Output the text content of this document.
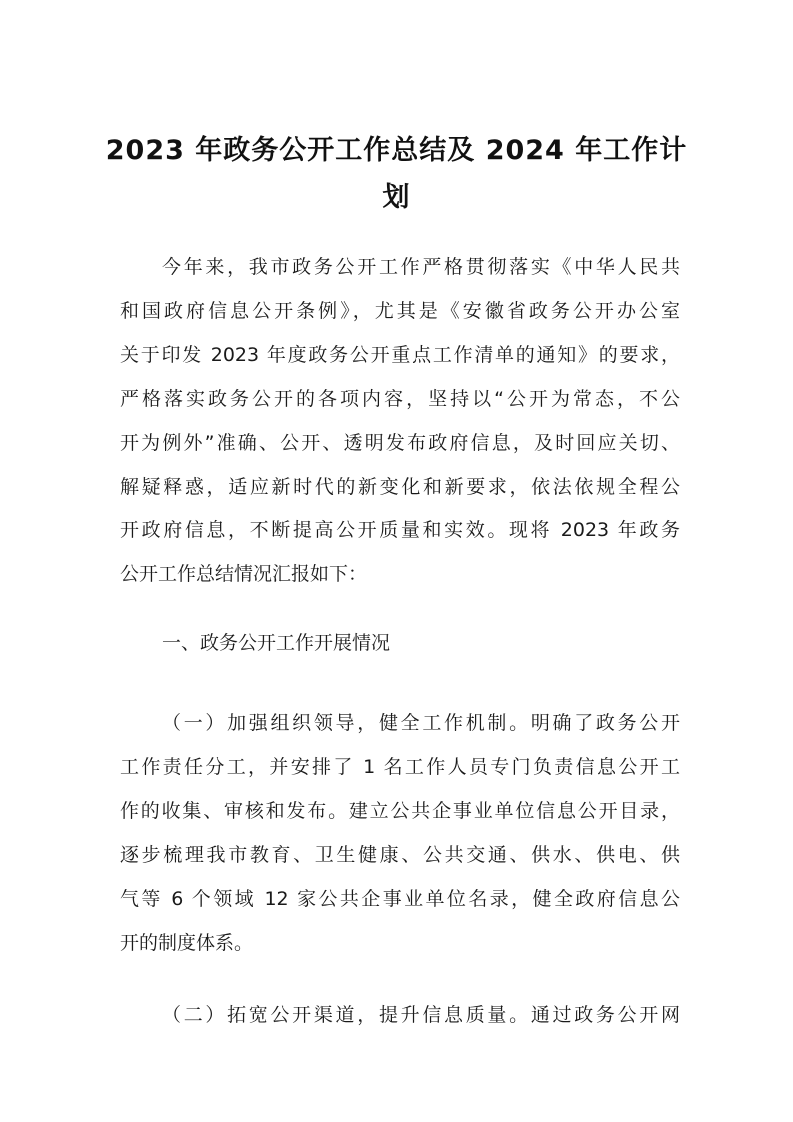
2023 年政务公开工作总结及 2024 年工作计
划
今年来，我市政务公开工作严格贯彻落实《中华人民共
和国政府信息公开条例》，尤其是《安徽省政务公开办公室
关于印发 2023 年度政务公开重点工作清单的通知》的要求，
严格落实政务公开的各项内容，坚持以“公开为常态，不公
开为例外”准确、公开、透明发布政府信息，及时回应关切、
解疑释惑，适应新时代的新变化和新要求，依法依规全程公
开政府信息，不断提高公开质量和实效。现将 2023 年政务
公开工作总结情况汇报如下：
一、政务公开工作开展情况
（一）加强组织领导，健全工作机制。明确了政务公开
工作责任分工，并安排了 1 名工作人员专门负责信息公开工
作的收集、审核和发布。建立公共企事业单位信息公开目录，
逐步梳理我市教育、卫生健康、公共交通、供水、供电、供
气等 6 个领域 12 家公共企事业单位名录，健全政府信息公
开的制度体系。
（二）拓宽公开渠道，提升信息质量。通过政务公开网
